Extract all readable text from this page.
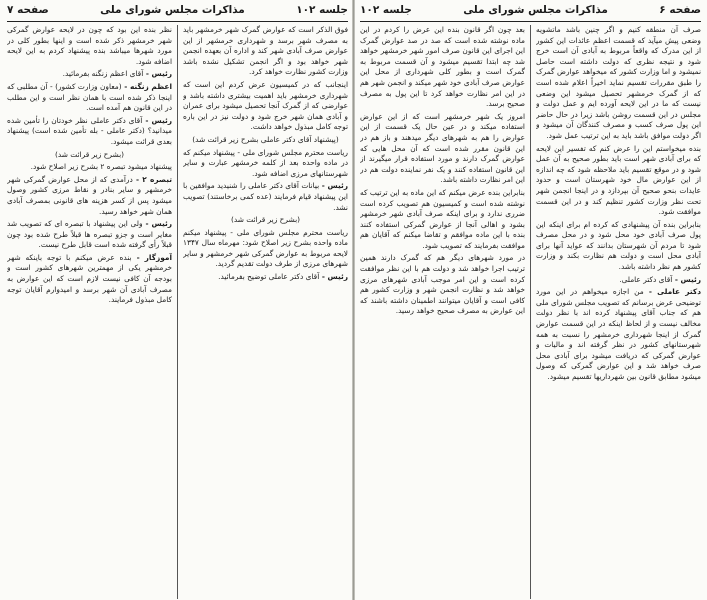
صفحه ۶
مذاکرات مجلس شورای ملی
جلسه ۱۰۲

صرف آن منطقه کنیم و اگر چنین باشد ماتشویه وضعی پیش میآید که قسمت اعظم عائدات این کشور از این مدرک که واقعاً مربوط به آبادی آن است خرج شود و نتیجه نظری که دولت داشته است حاصل نمیشود و اما وزارت کشور که میخواهد عوارض گمرک را طبق مقررات تقسیم نماید اخیراً اعلام شده است که از گمرک خرمشهر تحصیل میشود این وضعی نیست که ما در این لایحه آورده ایم و عمل دولت و مجلس در این قسمت روشن باشد زیرا در حال حاضر این پول صرف کسب و مصرف کنندگان آن میشود و اگر دولت موافق باشد باید به این ترتیب عمل شود.

بنده میخواستم این را عرض کنم که تفسیر این لایحه که برای آبادی شهر است باید بطور صحیح به آن عمل شود و در موقع تقسیم باید ملاحظه شود که چه اندازه از این عوارض مال خود شهرستان است و حدود عایدات بنحو صحیح آن بپردازد و در اینجا انجمن شهر تحت نظر وزارت کشور تنظیم کند و در این قسمت موافقت شود.

بنابراین بنده آن پیشنهادی که کرده ام برای اینکه این پول صرف آبادی خود محل شود و در محل مصرف شود تا مردم آن شهرستان بدانند که عواید آنها برای آبادی محل است و دولت هم نظارت بکند و وزارت کشور هم نظر داشته باشد.

رئیس - آقای دکتر عاملی.

دکتر عاملی - من اجازه میخواهم در این مورد توضیحی عرض برسانم که تصویب مجلس شورای ملی هم که جناب آقای پیشنهاد کرده اند با نظر دولت مخالف نیست و از لحاظ اینکه در این قسمت عوارض گمرک از اینجا شهرداری خرمشهر را نسبت به همه شهرستانهای کشور در نظر گرفته اند و مالیات و عوارض گمرکی که دریافت میشود برای آبادی محل صرف خواهد شد و این عوارض گمرکی که وصول میشود مطابق قانون بین شهرداریها تقسیم میشود.

بعد چون اگر قانون بنده این عرض را کردم در این ماده نوشته شده است که صد در صد عوارض گمرک این اجرای این قانون صرف امور شهر خرمشهر خواهد شد چه ابتدا تقسیم میشود و آن قسمت مربوط به گمرک است و بطور کلی شهرداری از محل این عوارض صرف آبادی خود شهر میکند و انجمن شهر هم در این امر نظارت خواهد کرد تا این پول به مصرف صحیح برسد.

امروز یک شهر خرمشهر است که از این عوارض استفاده میکند و در عین حال یک قسمت از این عوارض را هم به شهرهای دیگر میدهند و باز هم در این قانون مقرر شده است که آن محل هایی که عوارض گمرک دارند و مورد استفاده قرار میگیرند از این قانون استفاده کنند و یک نفر نماینده دولت هم در این امر نظارت داشته باشد.

بنابراین بنده عرض میکنم که این ماده به این ترتیب که نوشته شده است و کمیسیون هم تصویب کرده است ضرری ندارد و برای اینکه صرف آبادی شهر خرمشهر بشود و اهالی آنجا از عوارض گمرکی استفاده کنند بنده با این ماده موافقم و تقاضا میکنم که آقایان هم موافقت بفرمایند که تصویب شود.

در مورد شهرهای دیگر هم که گمرک دارند همین ترتیب اجرا خواهد شد و دولت هم با این نظر موافقت کرده است و این امر موجب آبادی شهرهای مرزی خواهد شد و نظارت انجمن شهر و وزارت کشور هم کافی است و آقایان میتوانند اطمینان داشته باشند که این عوارض به مصرف صحیح خواهد رسید.

جلسه ۱۰۲
مذاکرات مجلس شورای ملی
صفحه ۷

فوق الذکر است که عوارض گمرک شهر خرمشهر باید به مصرف شهر برسد و شهرداری خرمشهر از این عوارض صرف آبادی شهر کند و اداره آن بعهده انجمن شهر خواهد بود و اگر انجمن تشکیل نشده باشد وزارت کشور نظارت خواهد کرد.

اینجانب که در کمیسیون عرض کردم این است که شهرداری خرمشهر باید اهمیت بیشتری داشته باشد و عوارضی که از گمرک آنجا تحصیل میشود برای عمران و آبادی همان شهر خرج شود و دولت نیز در این باره توجه کامل مبذول خواهد داشت.

(پیشنهاد آقای دکتر عاملی بشرح زیر قرائت شد)

ریاست محترم مجلس شورای ملی - پیشنهاد میکنم که در ماده واحده بعد از کلمه خرمشهر عبارت و سایر شهرستانهای مرزی اضافه شود.

رئیس - بیانات آقای دکتر عاملی را شنیدید موافقین با این پیشنهاد قیام فرمایند (عده کمی برخاستند) تصویب نشد.

(بشرح زیر قرائت شد)

ریاست محترم مجلس شورای ملی - پیشنهاد میکنم ماده واحده بشرح زیر اصلاح شود: مهرماه سال ۱۳۴۷ لایحه مربوط به عوارض گمرکی شهر خرمشهر و سایر شهرهای مرزی از طرف دولت تقدیم گردید.

رئیس - آقای دکتر عاملی توضیح بفرمائید.

نظر بنده این بود که چون در لایحه عوارض گمرکی شهر خرمشهر ذکر شده است و اینها بطور کلی در مورد شهرها میباشد بنده پیشنهاد کردم به این لایحه اضافه شود.

رئیس - آقای اعظم زنگنه بفرمائید.

اعظم زنگنه - (معاون وزارت کشور) - آن مطلبی که اینجا ذکر شده است با همان نظر است و این مطلب در این قانون هم آمده است.

رئیس - آقای دکتر عاملی نظر خودتان را تأمین شده میدانید؟ (دکتر عاملی - بله تأمین شده است) پیشنهاد بعدی قرائت میشود.

(بشرح زیر قرائت شد)

پیشنهاد میشود تبصره ۲ بشرح زیر اصلاح شود.

تبصره ۲ - درآمدی که از محل عوارض گمرکی شهر خرمشهر و سایر بنادر و نقاط مرزی کشور وصول میشود پس از کسر هزینه های قانونی بمصرف آبادی همان شهر خواهد رسید.

رئیس - ولی این پیشنهاد با تبصره ای که تصویب شد مغایر است و جزو تبصره ها قبلاً طرح شده بود چون قبلاً رأی گرفته شده است قابل طرح نیست.

آموزگار - بنده عرض میکنم با توجه باینکه شهر خرمشهر یکی از مهمترین شهرهای کشور است و بودجه آن کافی نیست لازم است که این عوارض به مصرف آبادی آن شهر برسد و امیدوارم آقایان توجه کامل مبذول فرمایند.
